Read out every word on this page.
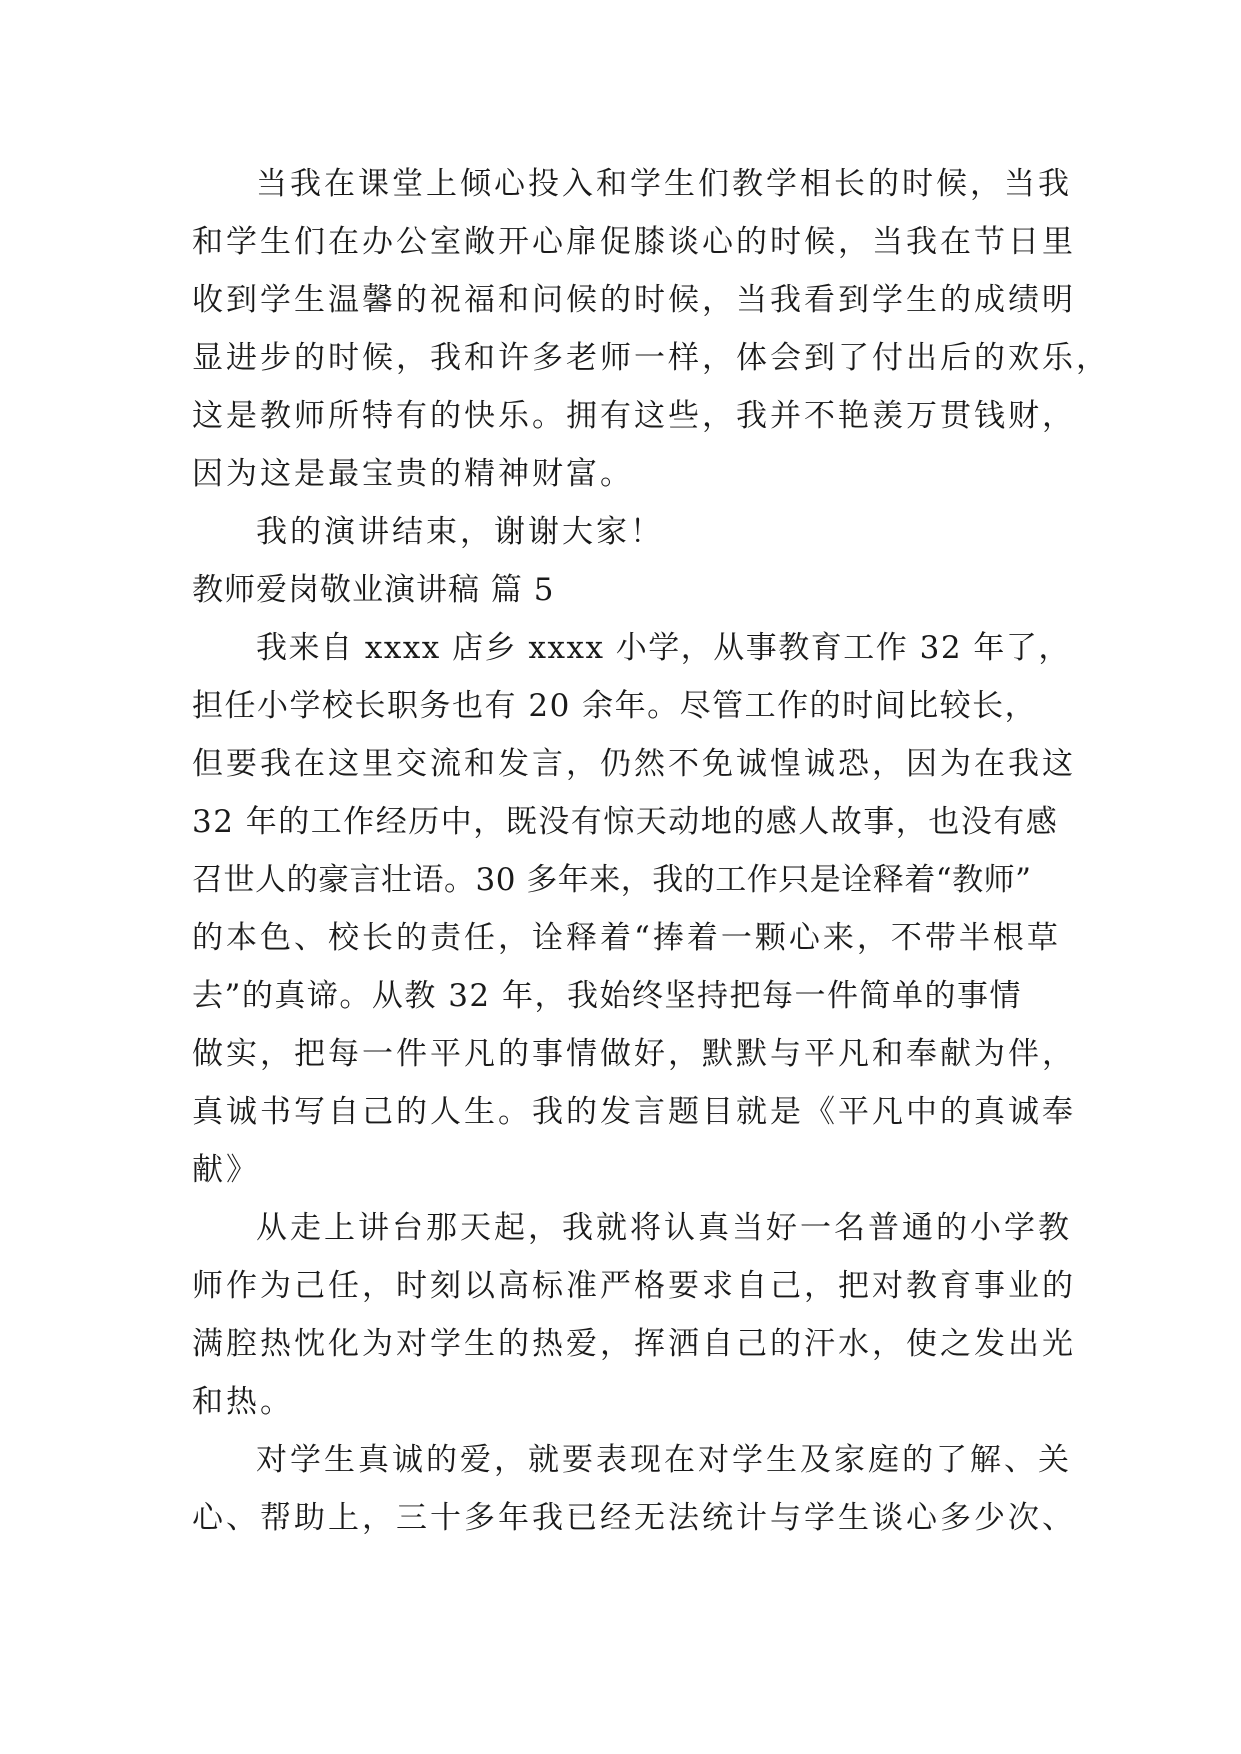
当我在课堂上倾心投入和学生们教学相长的时候，当我
和学生们在办公室敞开心扉促膝谈心的时候，当我在节日里
收到学生温馨的祝福和问候的时候，当我看到学生的成绩明
显进步的时候，我和许多老师一样，体会到了付出后的欢乐，
这是教师所特有的快乐。拥有这些，我并不艳羡万贯钱财，
因为这是最宝贵的精神财富。
我的演讲结束，谢谢大家！
教师爱岗敬业演讲稿 篇 5
我来自 xxxx 店乡 xxxx 小学，从事教育工作 32 年了，
担任小学校长职务也有 20 余年。尽管工作的时间比较长，
但要我在这里交流和发言，仍然不免诚惶诚恐，因为在我这
32 年的工作经历中，既没有惊天动地的感人故事，也没有感
召世人的豪言壮语。30 多年来，我的工作只是诠释着“教师”
的本色、校长的责任，诠释着“捧着一颗心来，不带半根草
去”的真谛。从教 32 年，我始终坚持把每一件简单的事情
做实，把每一件平凡的事情做好，默默与平凡和奉献为伴，
真诚书写自己的人生。我的发言题目就是《平凡中的真诚奉
献》
从走上讲台那天起，我就将认真当好一名普通的小学教
师作为己任，时刻以高标准严格要求自己，把对教育事业的
满腔热忱化为对学生的热爱，挥洒自己的汗水，使之发出光
和热。
对学生真诚的爱，就要表现在对学生及家庭的了解、关
心、帮助上，三十多年我已经无法统计与学生谈心多少次、
